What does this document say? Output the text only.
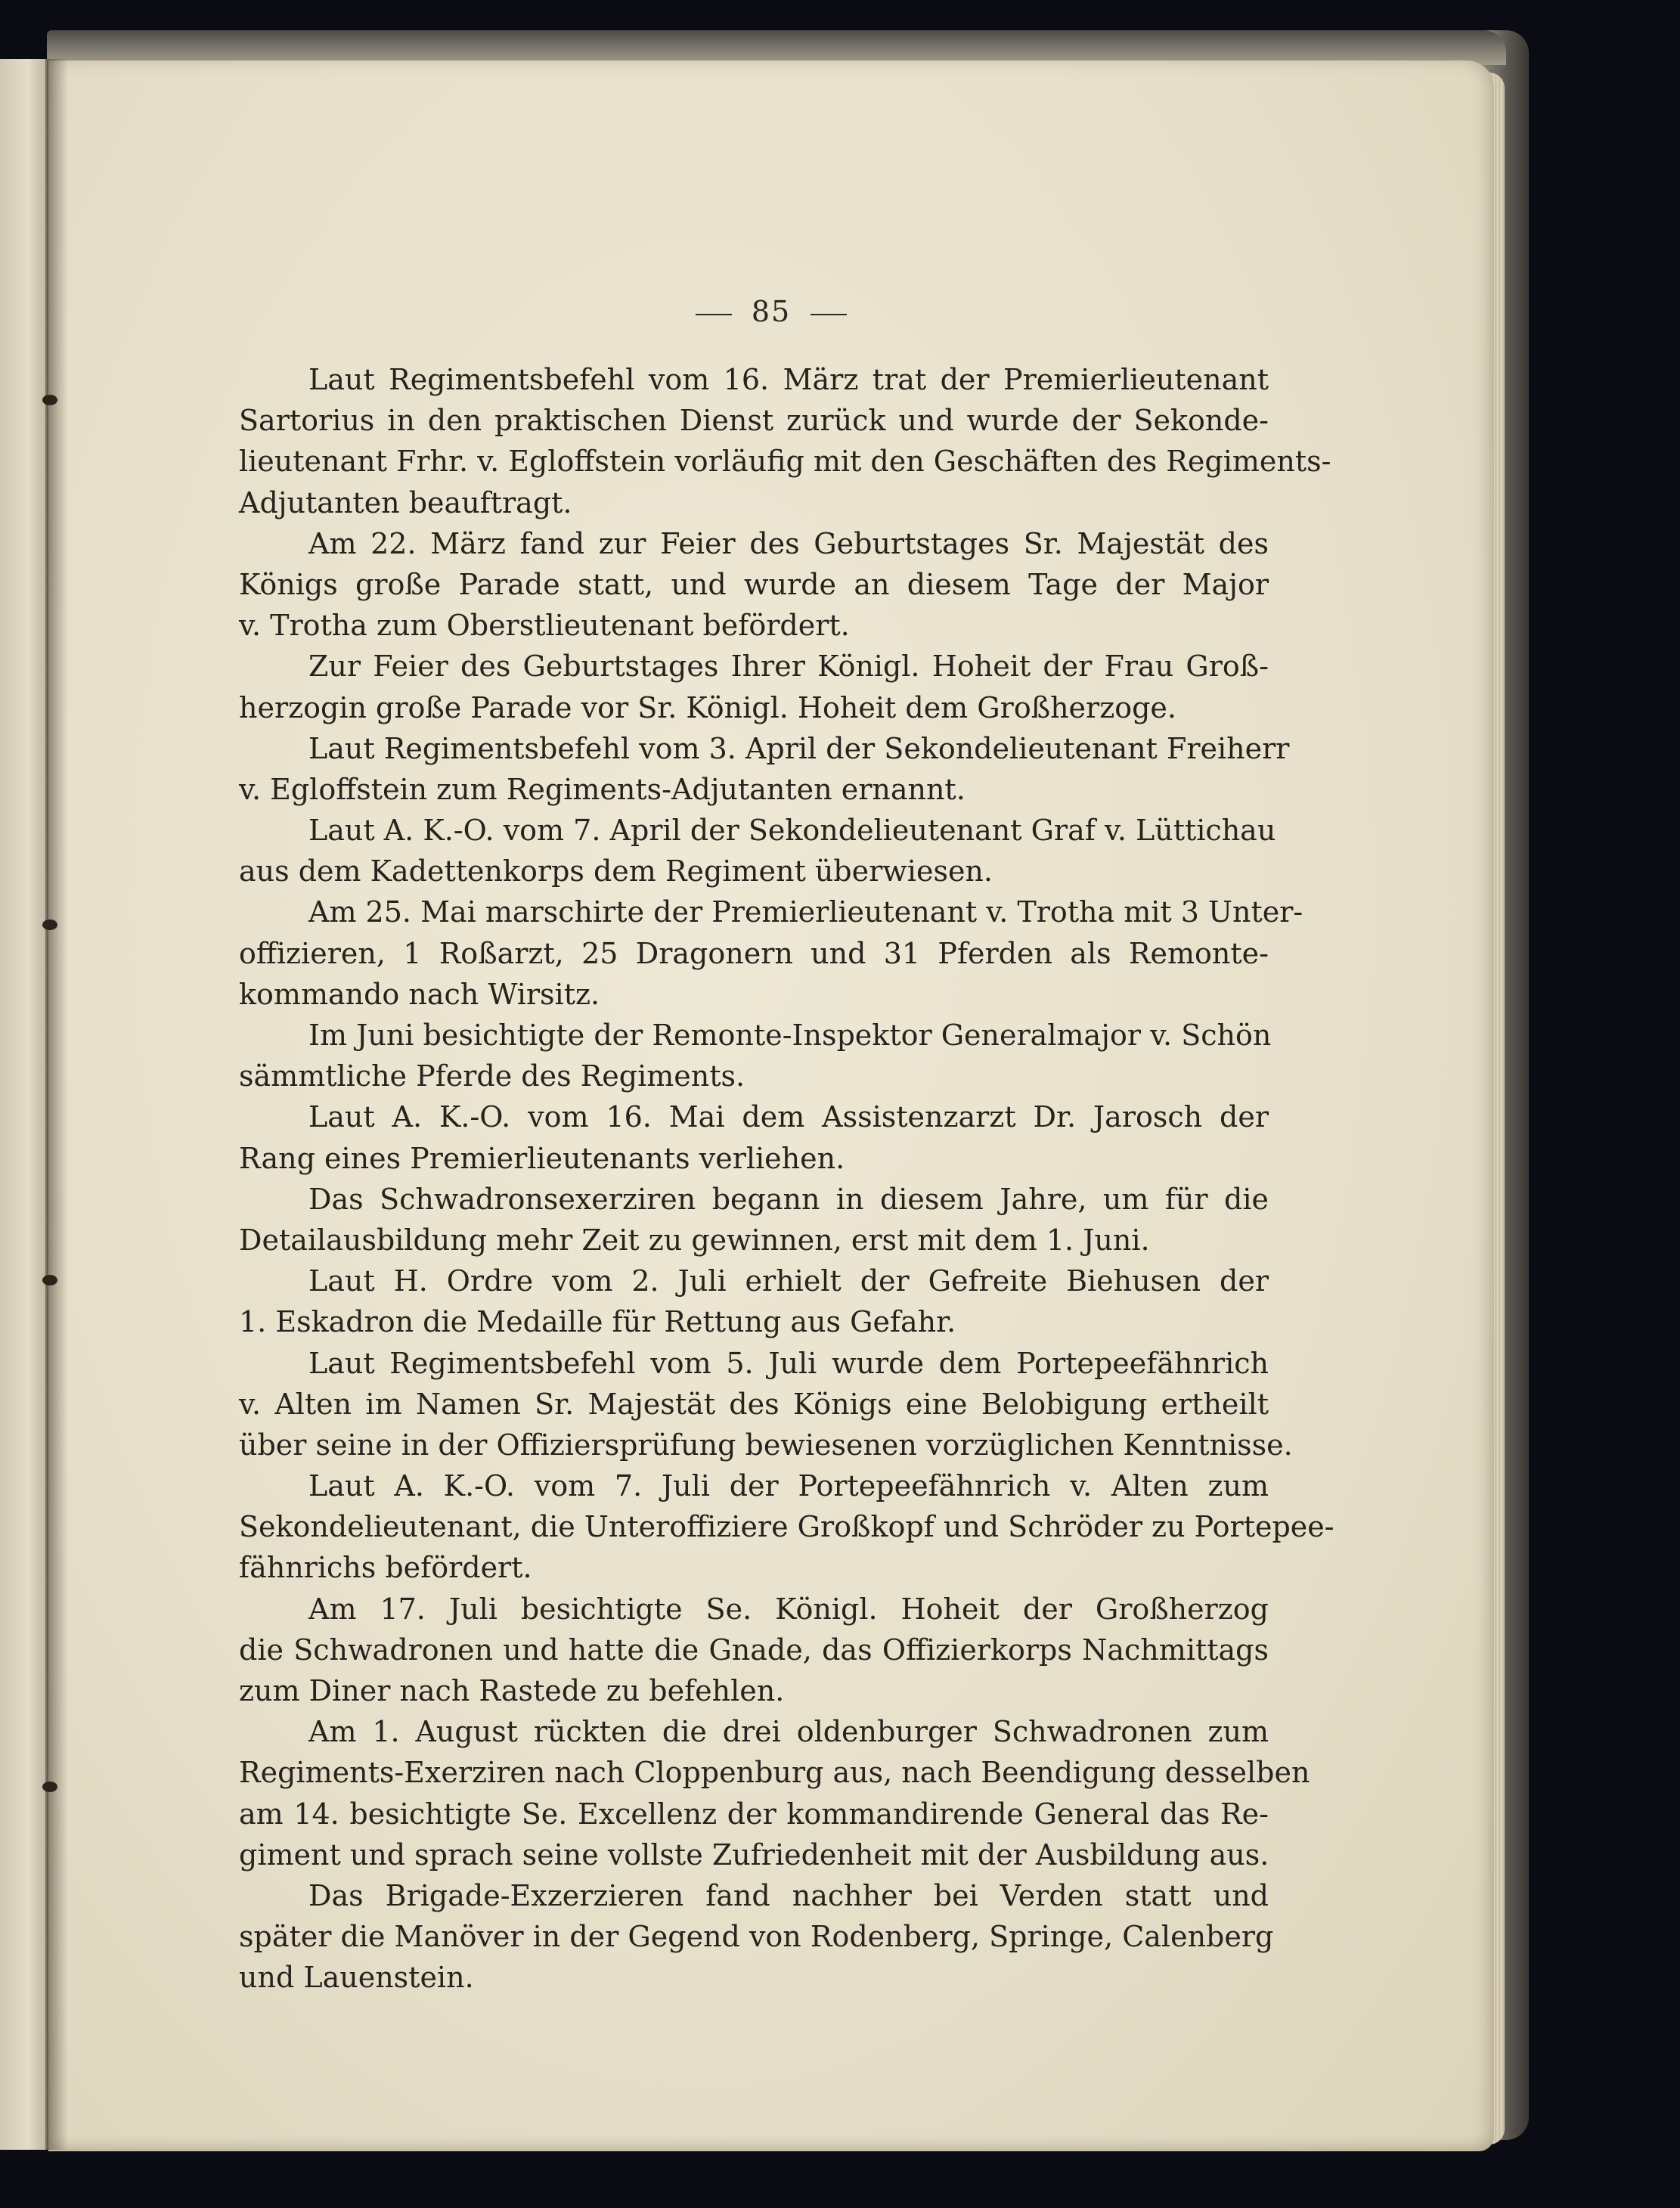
85
Laut Regimentsbefehl vom 16. März trat der Premierlieutenant
Sartorius in den praktischen Dienst zurück und wurde der Sekonde-
lieutenant Frhr. v. Egloffstein vorläufig mit den Geschäften des Regiments-
Adjutanten beauftragt.
Am 22. März fand zur Feier des Geburtstages Sr. Majestät des
Königs große Parade statt, und wurde an diesem Tage der Major
v. Trotha zum Oberstlieutenant befördert.
Zur Feier des Geburtstages Ihrer Königl. Hoheit der Frau Groß-
herzogin große Parade vor Sr. Königl. Hoheit dem Großherzoge.
Laut Regimentsbefehl vom 3. April der Sekondelieutenant Freiherr
v. Egloffstein zum Regiments-Adjutanten ernannt.
Laut A. K.-O. vom 7. April der Sekondelieutenant Graf v. Lüttichau
aus dem Kadettenkorps dem Regiment überwiesen.
Am 25. Mai marschirte der Premierlieutenant v. Trotha mit 3 Unter-
offizieren, 1 Roßarzt, 25 Dragonern und 31 Pferden als Remonte-
kommando nach Wirsitz.
Im Juni besichtigte der Remonte-Inspektor Generalmajor v. Schön
sämmtliche Pferde des Regiments.
Laut A. K.-O. vom 16. Mai dem Assistenzarzt Dr. Jarosch der
Rang eines Premierlieutenants verliehen.
Das Schwadronsexerziren begann in diesem Jahre, um für die
Detailausbildung mehr Zeit zu gewinnen, erst mit dem 1. Juni.
Laut H. Ordre vom 2. Juli erhielt der Gefreite Biehusen der
1. Eskadron die Medaille für Rettung aus Gefahr.
Laut Regimentsbefehl vom 5. Juli wurde dem Portepeefähnrich
v. Alten im Namen Sr. Majestät des Königs eine Belobigung ertheilt
über seine in der Offiziersprüfung bewiesenen vorzüglichen Kenntnisse.
Laut A. K.-O. vom 7. Juli der Portepeefähnrich v. Alten zum
Sekondelieutenant, die Unteroffiziere Großkopf und Schröder zu Portepee-
fähnrichs befördert.
Am 17. Juli besichtigte Se. Königl. Hoheit der Großherzog
die Schwadronen und hatte die Gnade, das Offizierkorps Nachmittags
zum Diner nach Rastede zu befehlen.
Am 1. August rückten die drei oldenburger Schwadronen zum
Regiments-Exerziren nach Cloppenburg aus, nach Beendigung desselben
am 14. besichtigte Se. Excellenz der kommandirende General das Re-
giment und sprach seine vollste Zufriedenheit mit der Ausbildung aus.
Das Brigade-Exzerzieren fand nachher bei Verden statt und
später die Manöver in der Gegend von Rodenberg, Springe, Calenberg
und Lauenstein.
